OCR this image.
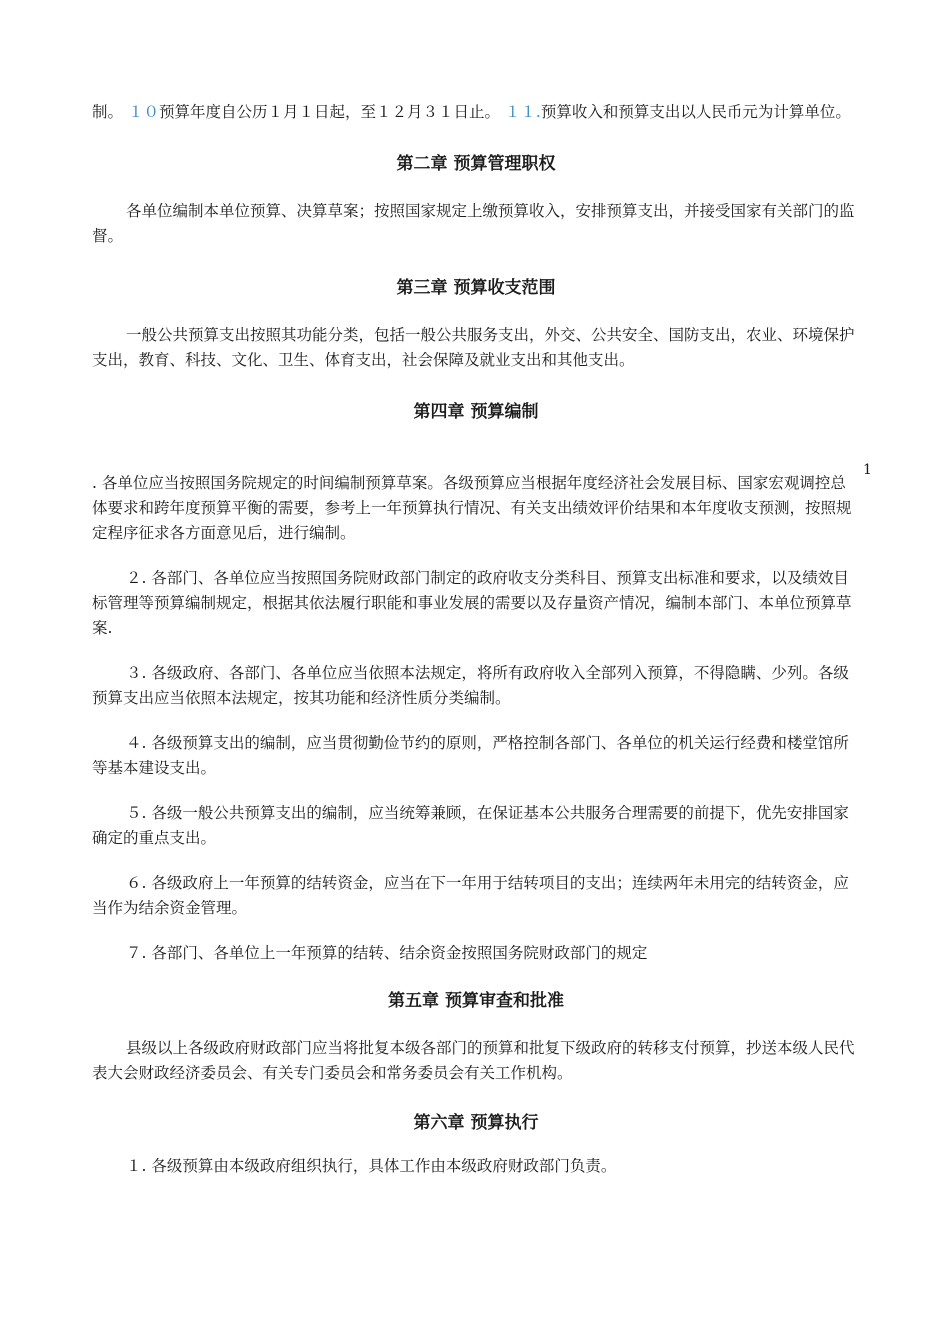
制。 １０预算年度自公历１月１日起，至１２月３１日止。 １１.预算收入和预算支出以人民币元为计算单位。

第二章 预算管理职权

各单位编制本单位预算、决算草案；按照国家规定上缴预算收入，安排预算支出，并接受国家有关部门的监督。

第三章 预算收支范围

一般公共预算支出按照其功能分类，包括一般公共服务支出，外交、公共安全、国防支出，农业、环境保护支出，教育、科技、文化、卫生、体育支出，社会保障及就业支出和其他支出。

第四章 预算编制

. 各单位应当按照国务院规定的时间编制预算草案。各级预算应当根据年度经济社会发展目标、国家宏观调控总体要求和跨年度预算平衡的需要，参考上一年预算执行情况、有关支出绩效评价结果和本年度收支预测，按照规定程序征求各方面意见后，进行编制。

２. 各部门、各单位应当按照国务院财政部门制定的政府收支分类科目、预算支出标准和要求，以及绩效目标管理等预算编制规定，根据其依法履行职能和事业发展的需要以及存量资产情况，编制本部门、本单位预算草案.

３. 各级政府、各部门、各单位应当依照本法规定，将所有政府收入全部列入预算，不得隐瞒、少列。各级预算支出应当依照本法规定，按其功能和经济性质分类编制。

４. 各级预算支出的编制，应当贯彻勤俭节约的原则，严格控制各部门、各单位的机关运行经费和楼堂馆所等基本建设支出。

５. 各级一般公共预算支出的编制，应当统筹兼顾，在保证基本公共服务合理需要的前提下，优先安排国家确定的重点支出。

６. 各级政府上一年预算的结转资金，应当在下一年用于结转项目的支出；连续两年未用完的结转资金，应当作为结余资金管理。

７. 各部门、各单位上一年预算的结转、结余资金按照国务院财政部门的规定

第五章 预算审查和批准

县级以上各级政府财政部门应当将批复本级各部门的预算和批复下级政府的转移支付预算，抄送本级人民代表大会财政经济委员会、有关专门委员会和常务委员会有关工作机构。

第六章 预算执行

１. 各级预算由本级政府组织执行，具体工作由本级政府财政部门负责。

1
